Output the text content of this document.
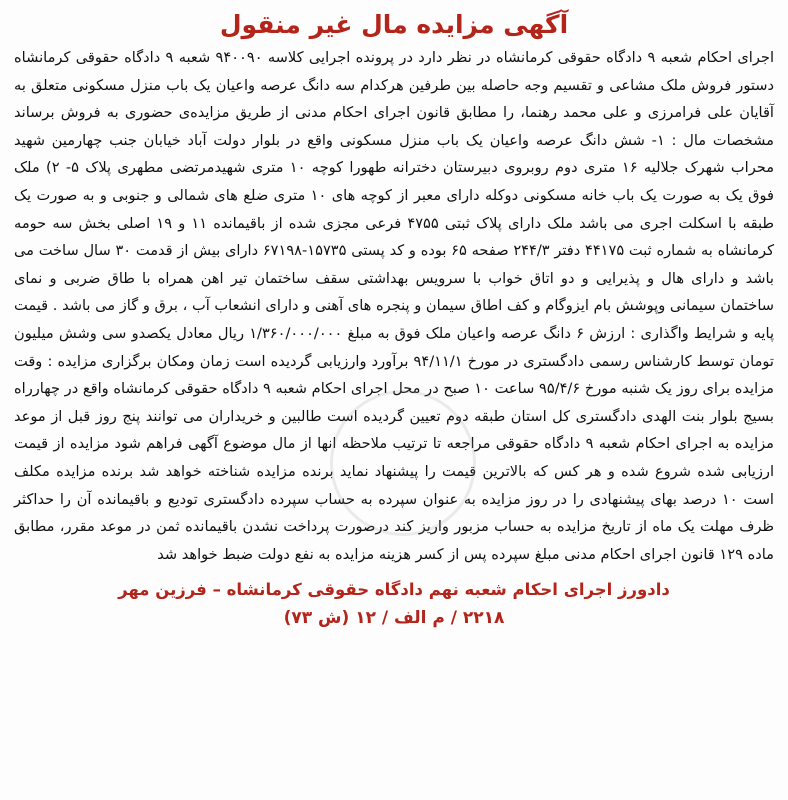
آگهی مزایده مال غیر منقول

اجرای احکام شعبه ۹ دادگاه حقوقی کرمانشاه در نظر دارد در پرونده اجرایی کلاسه ۹۴۰۰۹۰ شعبه ۹ دادگاه حقوقی کرمانشاه دستور فروش ملک مشاعی و تقسیم وجه حاصله بین طرفین هرکدام سه دانگ عرصه واعیان یک باب منزل مسکونی متعلق به آقایان علی فرامرزی و علی محمد رهنما، را مطابق قانون اجرای احکام مدنی از طریق مزایده‌ی حضوری به فروش برساند مشخصات مال : ۱- شش دانگ عرصه واعیان یک باب منزل مسکونی واقع در بلوار دولت آباد خیابان جنب چهارمین شهید محراب شهرک جلالیه ۱۶ متری دوم روبروی دبیرستان دخترانه طهورا کوچه ۱۰ متری شهیدمرتضی مطهری پلاک ۵- ۲) ملک فوق یک به صورت یک باب خانه مسکونی دوکله دارای معبر از کوچه های ۱۰ متری ضلع های شمالی و جنوبی و به صورت یک طبقه با اسکلت اجری می باشد ملک دارای پلاک ثبتی ۴۷۵۵ فرعی مجزی شده از باقیمانده ۱۱ و ۱۹ اصلی بخش سه حومه کرمانشاه به شماره ثبت ۴۴۱۷۵ دفتر ۲۴۴/۳ صفحه ۶۵ بوده و کد پستی ۱۵۷۳۵-۶۷۱۹۸ دارای بیش از قدمت ۳۰ سال ساخت می باشد و دارای هال و پذیرایی و دو اتاق خواب با سرویس بهداشتی سقف ساختمان تیر اهن همراه با طاق ضربی و نمای ساختمان سیمانی وپوشش بام ایزوگام و کف اطاق سیمان و پنجره های آهنی و دارای انشعاب آب ، برق و گاز می باشد . قیمت پایه و شرایط واگذاری : ارزش ۶ دانگ عرصه واعیان ملک فوق به مبلغ ۱/۳۶۰/۰۰۰/۰۰۰ ریال معادل یکصدو سی وشش میلیون تومان توسط کارشناس رسمی دادگستری در مورخ ۹۴/۱۱/۱ برآورد وارزیابی گردیده است زمان ومکان برگزاری مزایده : وقت مزایده برای روز یک شنبه مورخ ۹۵/۴/۶ ساعت ۱۰ صبح در محل اجرای احکام شعبه ۹ دادگاه حقوقی کرمانشاه واقع در چهارراه بسیج بلوار بنت الهدی دادگستری کل استان طبقه دوم تعیین گردیده است طالبین و خریداران می توانند پنج روز قبل از موعد مزایده به اجرای احکام شعبه ۹ دادگاه حقوقی مراجعه تا ترتیب ملاحظه انها از مال موضوع آگهی فراهم شود مزایده از قیمت ارزیابی شده شروع شده و هر کس که بالاترین قیمت را پیشنهاد نماید برنده مزایده شناخته خواهد شد برنده مزایده مکلف است ۱۰ درصد بهای پیشنهادی را در روز مزایده به عنوان سپرده به حساب سپرده دادگستری تودیع و باقیمانده آن را حداکثر ظرف مهلت یک ماه از تاریخ مزایده به حساب مزبور واریز کند درصورت پرداخت نشدن باقیمانده ثمن در موعد مقرر، مطابق ماده ۱۲۹ قانون اجرای احکام مدنی مبلغ سپرده پس از کسر هزینه مزایده به نفع دولت ضبط خواهد شد

دادورز اجرای احکام شعبه نهم دادگاه حقوقی کرمانشاه – فرزین مهر
۲۲۱۸ / م الف / ۱۲ (ش ۷۳)
